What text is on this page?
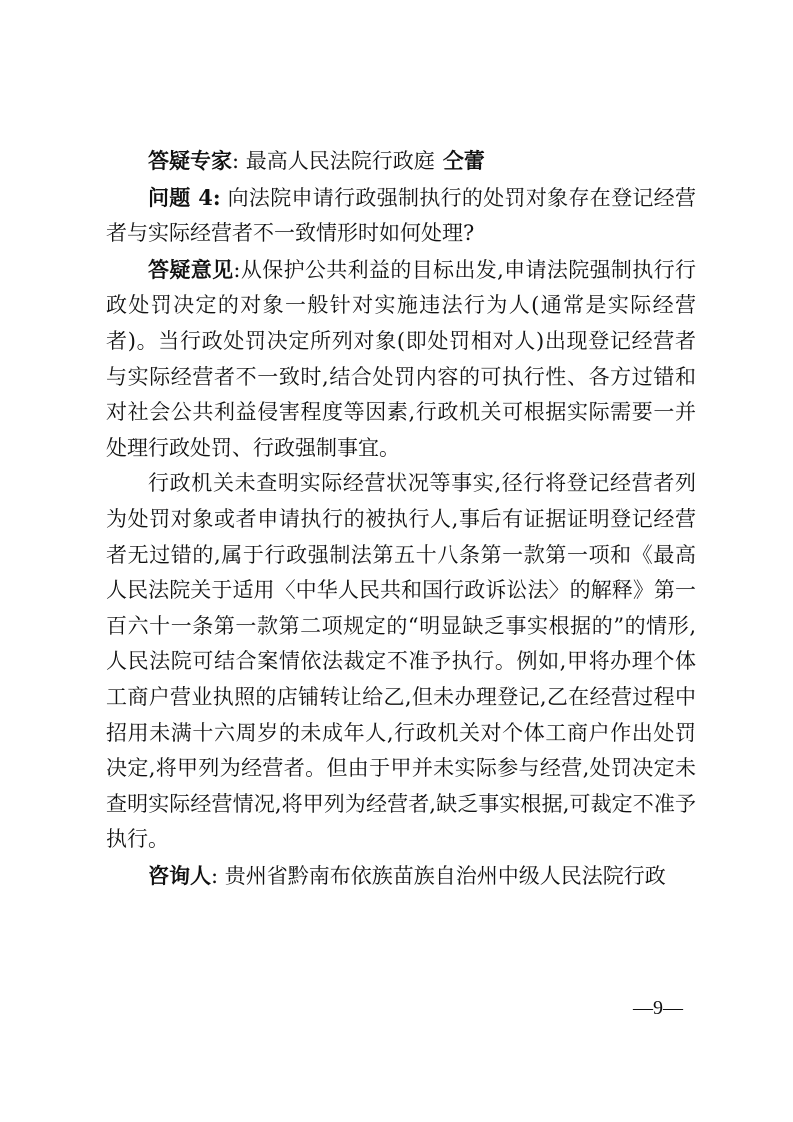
答疑专家: 最高人民法院行政庭 仝蕾

问题 4: 向法院申请行政强制执行的处罚对象存在登记经营者与实际经营者不一致情形时如何处理?

答疑意见:从保护公共利益的目标出发,申请法院强制执行行政处罚决定的对象一般针对实施违法行为人(通常是实际经营者)。当行政处罚决定所列对象(即处罚相对人)出现登记经营者与实际经营者不一致时,结合处罚内容的可执行性、各方过错和对社会公共利益侵害程度等因素,行政机关可根据实际需要一并处理行政处罚、行政强制事宜。

行政机关未查明实际经营状况等事实,径行将登记经营者列为处罚对象或者申请执行的被执行人,事后有证据证明登记经营者无过错的,属于行政强制法第五十八条第一款第一项和《最高人民法院关于适用〈中华人民共和国行政诉讼法〉的解释》第一百六十一条第一款第二项规定的“明显缺乏事实根据的”的情形,人民法院可结合案情依法裁定不准予执行。例如,甲将办理个体工商户营业执照的店铺转让给乙,但未办理登记,乙在经营过程中招用未满十六周岁的未成年人,行政机关对个体工商户作出处罚决定,将甲列为经营者。但由于甲并未实际参与经营,处罚决定未查明实际经营情况,将甲列为经营者,缺乏事实根据,可裁定不准予执行。

咨询人: 贵州省黔南布依族苗族自治州中级人民法院行政

—9—
